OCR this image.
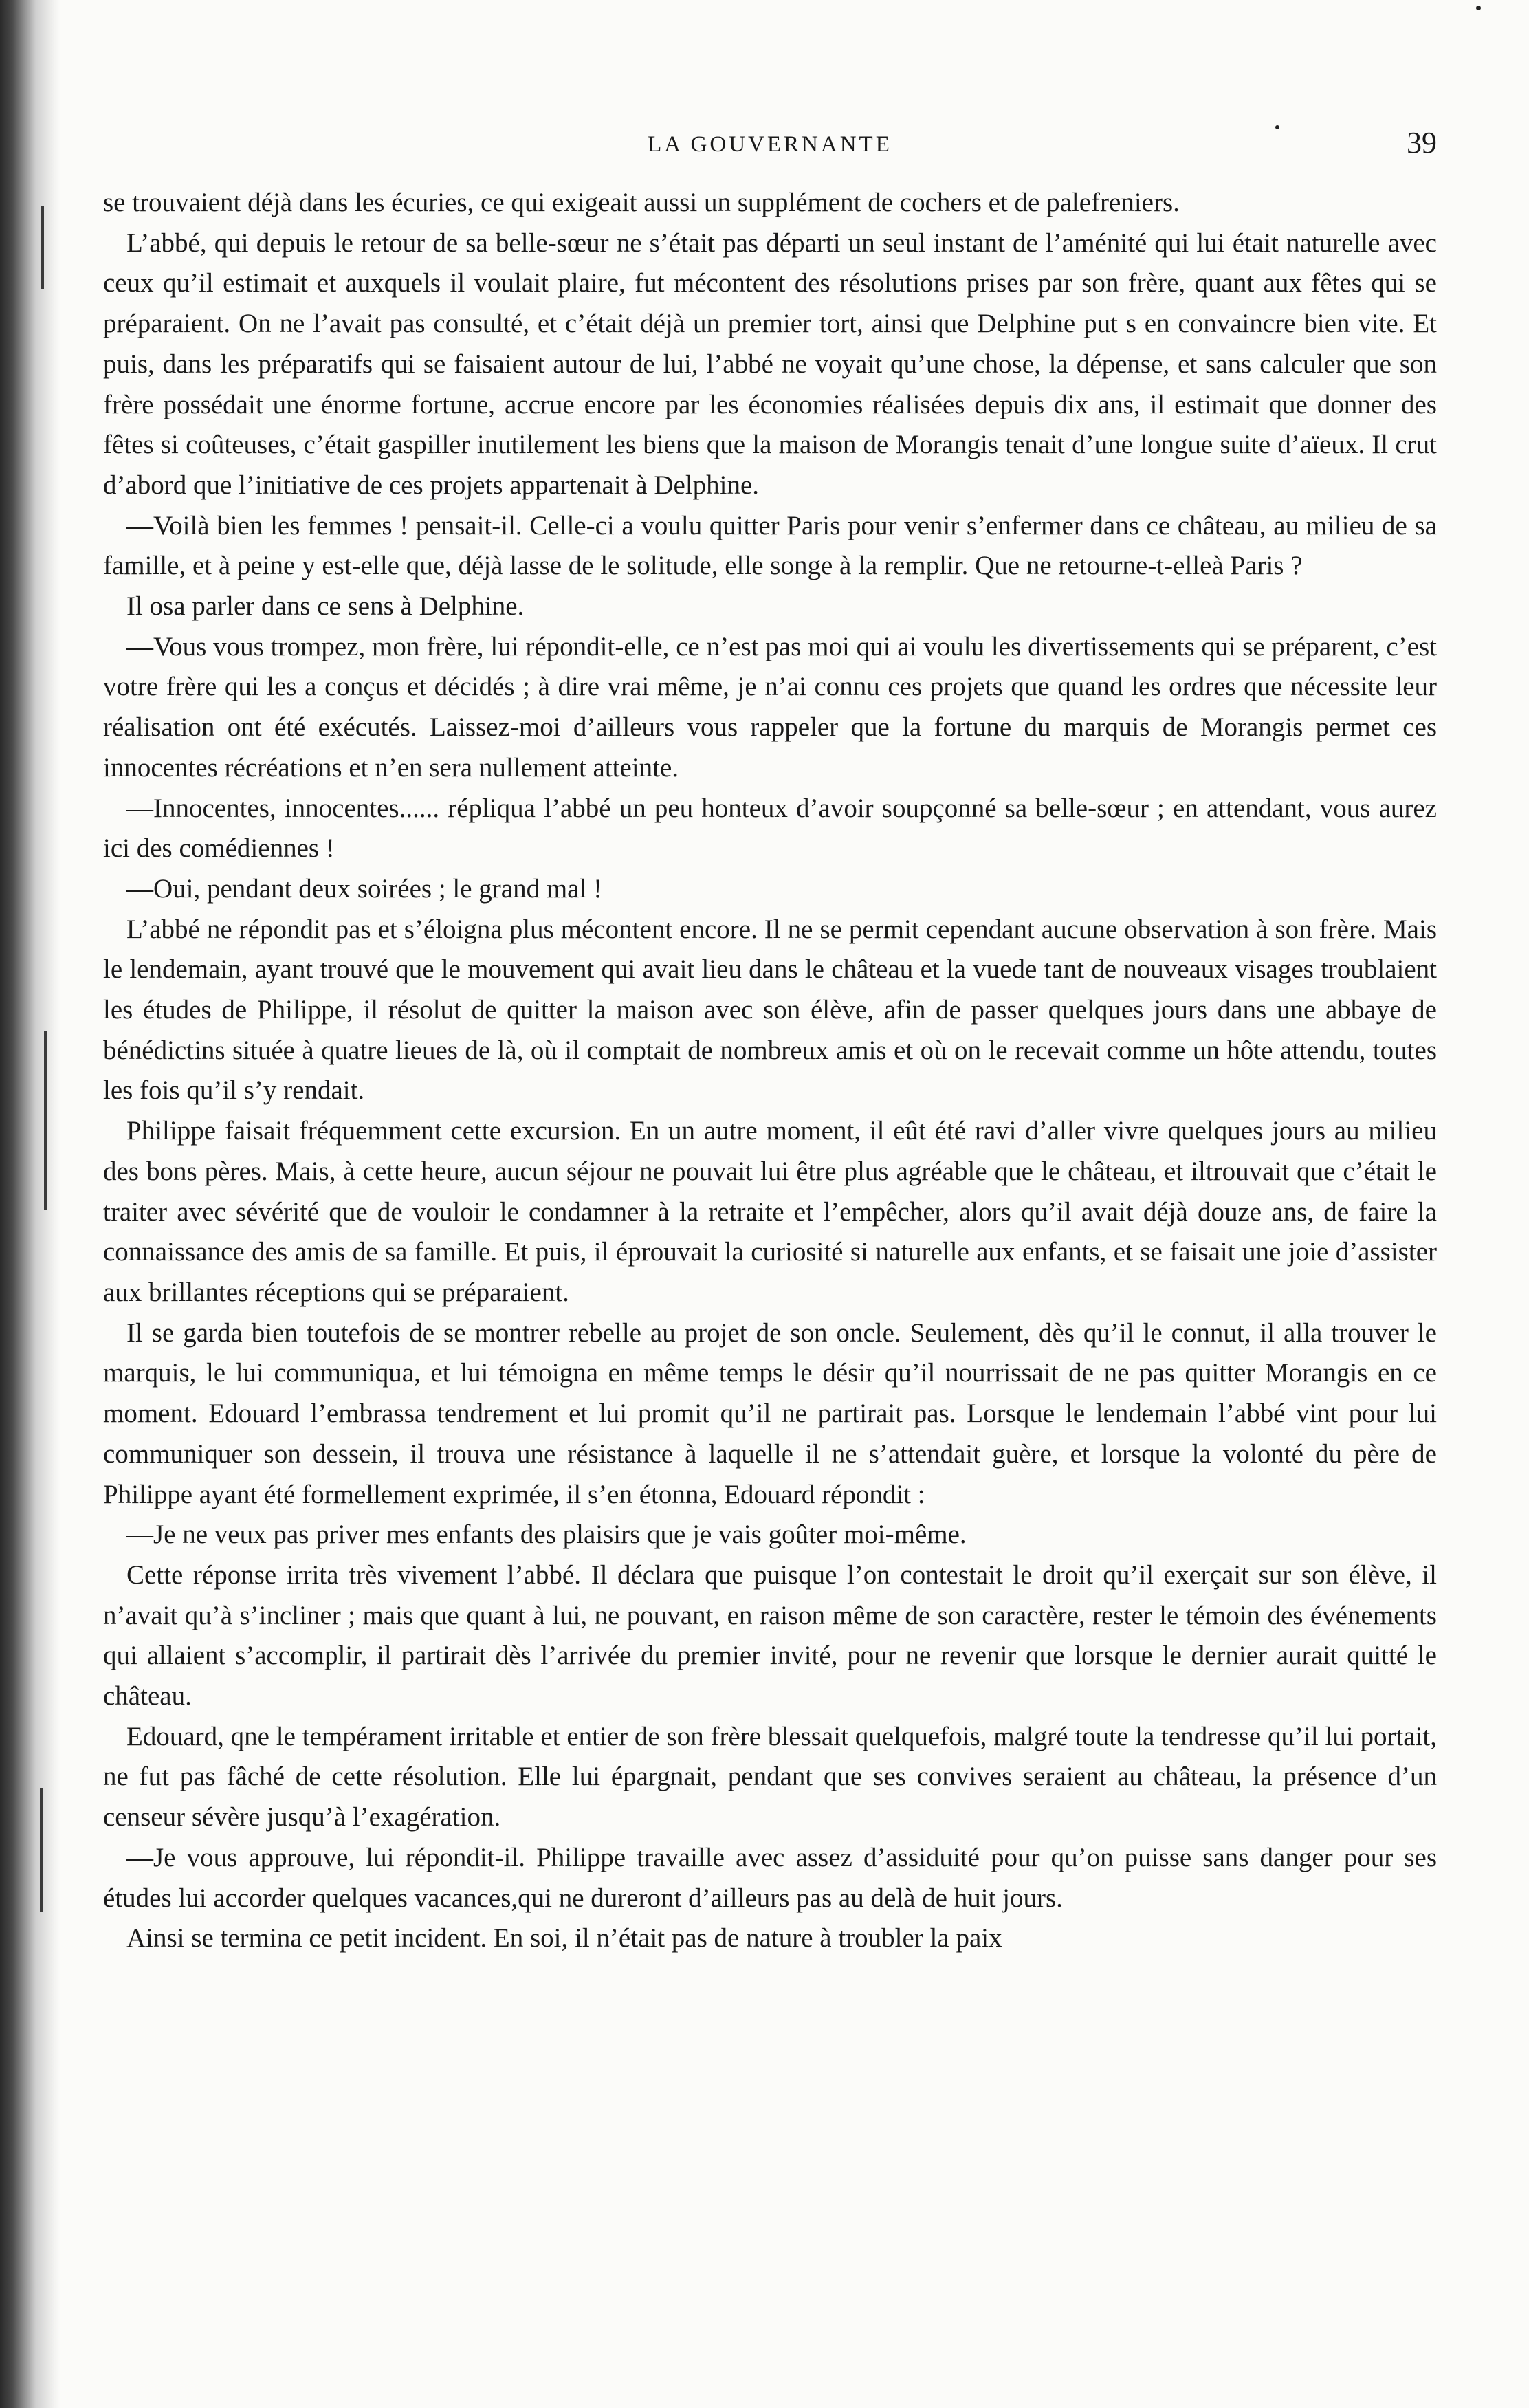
LA GOUVERNANTE	39

se trouvaient déjà dans les écuries, ce qui exigeait aussi un supplément de cochers et de palefreniers.

L’abbé, qui depuis le retour de sa belle-sœur ne s’était pas départi un seul instant de l’aménité qui lui était naturelle avec ceux qu’il estimait et auxquels il voulait plaire, fut mécontent des résolutions prises par son frère, quant aux fêtes qui se préparaient. On ne l’avait pas consulté, et c’était déjà un premier tort, ainsi que Delphine put s en convaincre bien vite. Et puis, dans les préparatifs qui se faisaient autour de lui, l’abbé ne voyait qu’une chose, la dépense, et sans calculer que son frère possédait une énorme fortune, accrue encore par les économies réalisées depuis dix ans, il estimait que donner des fêtes si coûteuses, c’était gaspiller inutilement les biens que la maison de Morangis tenait d’une longue suite d’aïeux. Il crut d’abord que l’initiative de ces projets appartenait à Delphine.

—Voilà bien les femmes ! pensait-il. Celle-ci a voulu quitter Paris pour venir s’enfermer dans ce château, au milieu de sa famille, et à peine y est-elle que, déjà lasse de le solitude, elle songe à la remplir. Que ne retourne-t-elleà Paris ?

Il osa parler dans ce sens à Delphine.

—Vous vous trompez, mon frère, lui répondit-elle, ce n’est pas moi qui ai voulu les divertissements qui se préparent, c’est votre frère qui les a conçus et décidés ; à dire vrai même, je n’ai connu ces projets que quand les ordres que nécessite leur réalisation ont été exécutés. Laissez-moi d’ailleurs vous rappeler que la fortune du marquis de Morangis permet ces innocentes récréations et n’en sera nullement atteinte.

—Innocentes, innocentes...... répliqua l’abbé un peu honteux d’avoir soupçonné sa belle-sœur ; en attendant, vous aurez ici des comédiennes !

—Oui, pendant deux soirées ; le grand mal !

L’abbé ne répondit pas et s’éloigna plus mécontent encore. Il ne se permit cependant aucune observation à son frère. Mais le lendemain, ayant trouvé que le mouvement qui avait lieu dans le château et la vuede tant de nouveaux visages troublaient les études de Philippe, il résolut de quitter la maison avec son élève, afin de passer quelques jours dans une abbaye de bénédictins située à quatre lieues de là, où il comptait de nombreux amis et où on le recevait comme un hôte attendu, toutes les fois qu’il s’y rendait.

Philippe faisait fréquemment cette excursion. En un autre moment, il eût été ravi d’aller vivre quelques jours au milieu des bons pères. Mais, à cette heure, aucun séjour ne pouvait lui être plus agréable que le château, et iltrouvait que c’était le traiter avec sévérité que de vouloir le condamner à la retraite et l’empêcher, alors qu’il avait déjà douze ans, de faire la connaissance des amis de sa famille. Et puis, il éprouvait la curiosité si naturelle aux enfants, et se faisait une joie d’assister aux brillantes réceptions qui se préparaient.

Il se garda bien toutefois de se montrer rebelle au projet de son oncle. Seulement, dès qu’il le connut, il alla trouver le marquis, le lui communiqua, et lui témoigna en même temps le désir qu’il nourrissait de ne pas quitter Morangis en ce moment. Edouard l’embrassa tendrement et lui promit qu’il ne partirait pas. Lorsque le lendemain l’abbé vint pour lui communiquer son dessein, il trouva une résistance à laquelle il ne s’attendait guère, et lorsque la volonté du père de Philippe ayant été formellement exprimée, il s’en étonna, Edouard répondit :

—Je ne veux pas priver mes enfants des plaisirs que je vais goûter moi-même.

Cette réponse irrita très vivement l’abbé. Il déclara que puisque l’on contestait le droit qu’il exerçait sur son élève, il n’avait qu’à s’incliner ; mais que quant à lui, ne pouvant, en raison même de son caractère, rester le témoin des événements qui allaient s’accomplir, il partirait dès l’arrivée du premier invité, pour ne revenir que lorsque le dernier aurait quitté le château.

Edouard, qne le tempérament irritable et entier de son frère blessait quelquefois, malgré toute la tendresse qu’il lui portait, ne fut pas fâché de cette résolution. Elle lui épargnait, pendant que ses convives seraient au château, la présence d’un censeur sévère jusqu’à l’exagération.

—Je vous approuve, lui répondit-il. Philippe travaille avec assez d’assiduité pour qu’on puisse sans danger pour ses études lui accorder quelques vacances,qui ne dureront d’ailleurs pas au delà de huit jours.

Ainsi se termina ce petit incident. En soi, il n’était pas de nature à troubler la paix
